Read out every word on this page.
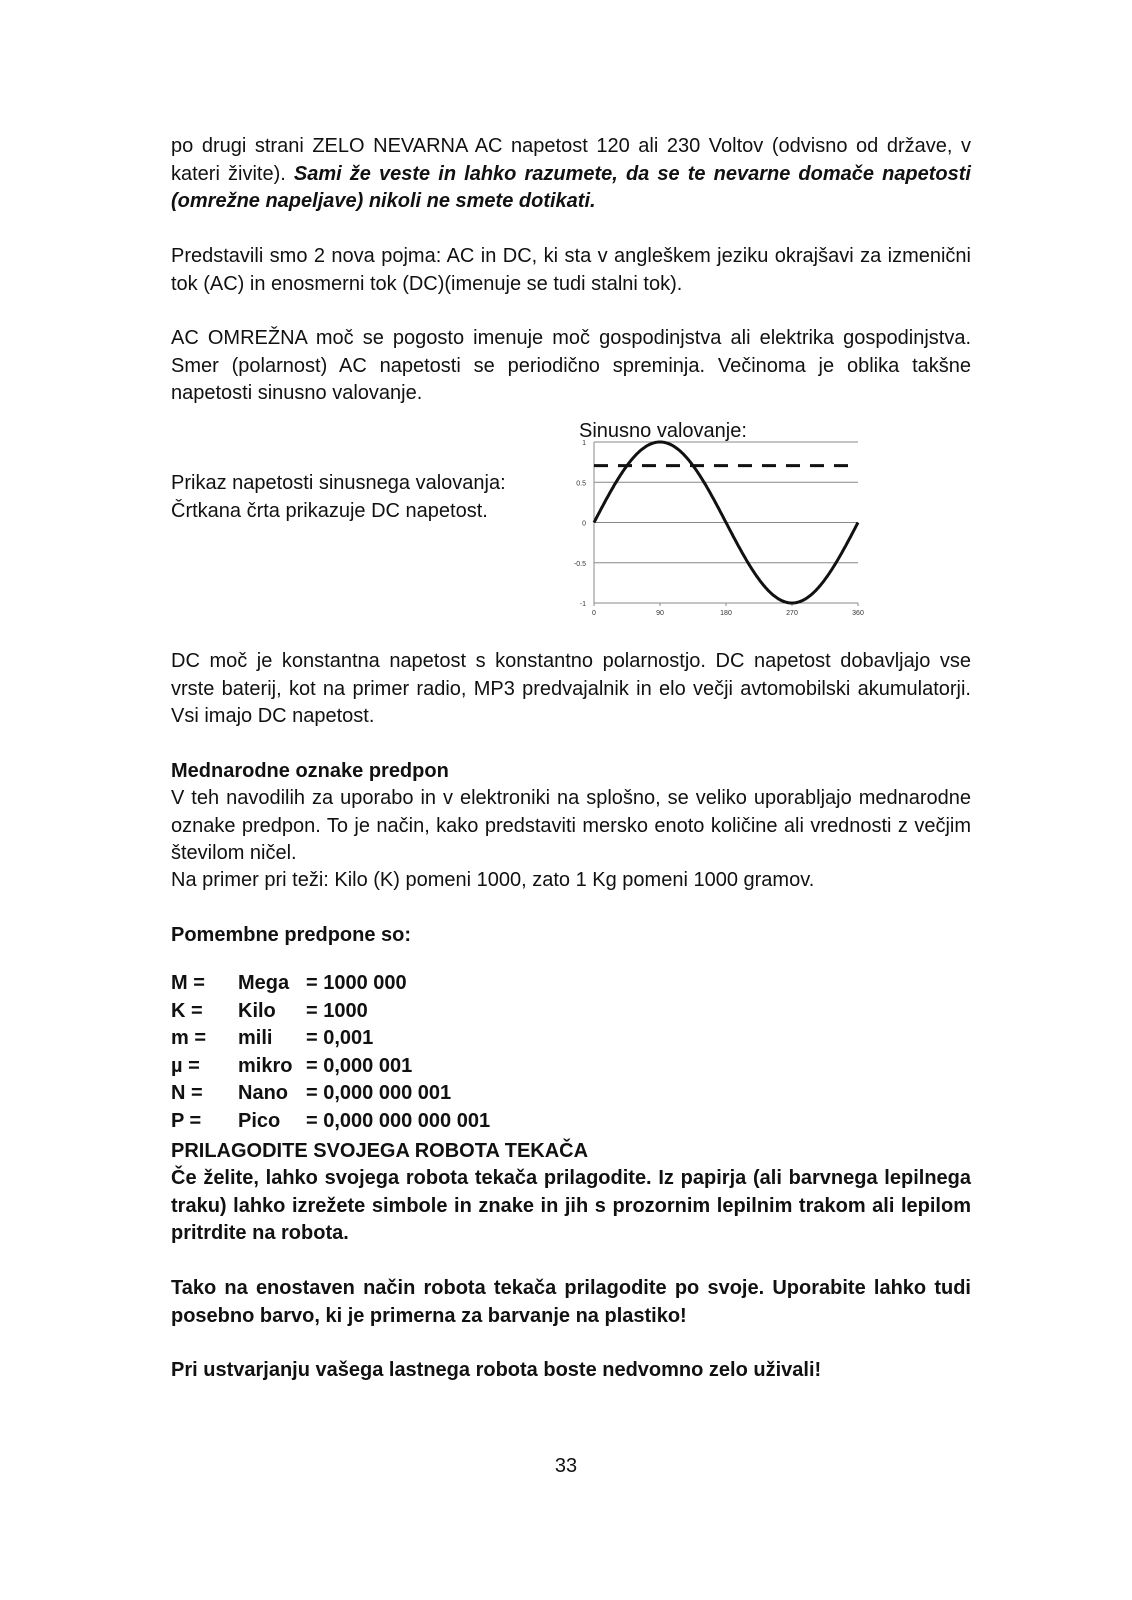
po drugi strani ZELO NEVARNA AC napetost 120 ali 230 Voltov (odvisno od države, v kateri živite). Sami že veste in lahko razumete, da se te nevarne domače napetosti (omrežne napeljave) nikoli ne smete dotikati.

Predstavili smo 2 nova pojma: AC in DC, ki sta v angleškem jeziku okrajšavi za izmenični tok (AC) in enosmerni tok (DC)(imenuje se tudi stalni tok).

AC OMREŽNA moč se pogosto imenuje moč gospodinjstva ali elektrika gospodinjstva. Smer (polarnost) AC napetosti se periodično spreminja. Večinoma je oblika takšne napetosti sinusno valovanje.

Sinusno valovanje:
Prikaz napetosti sinusnega valovanja:
Črtkana črta prikazuje DC napetost.
1
0.5
0
-0.5
-1
0	90	180	270	360

DC moč je konstantna napetost s konstantno polarnostjo. DC napetost dobavljajo vse vrste baterij, kot na primer radio, MP3 predvajalnik in elo večji avtomobilski akumulatorji. Vsi imajo DC napetost.

Mednarodne oznake predpon

V teh navodilih za uporabo in v elektroniki na splošno, se veliko uporabljajo mednarodne oznake predpon. To je način, kako predstaviti mersko enoto količine ali vrednosti z večjim številom ničel.

Na primer pri teži: Kilo (K) pomeni 1000, zato 1 Kg pomeni 1000 gramov.

Pomembne predpone so:

M =	Mega	= 1000 000
K =	Kilo	= 1000
m =	mili	= 0,001
µ =	mikro	= 0,000 001
N =	Nano	= 0,000 000 001
P =	Pico	= 0,000 000 000 001

PRILAGODITE SVOJEGA ROBOTA TEKAČA

Če želite, lahko svojega robota tekača prilagodite. Iz papirja (ali barvnega lepilnega traku) lahko izrežete simbole in znake in jih s prozornim lepilnim trakom ali lepilom pritrdite na robota.

Tako na enostaven način robota tekača prilagodite po svoje. Uporabite lahko tudi posebno barvo, ki je primerna za barvanje na plastiko!

Pri ustvarjanju vašega lastnega robota boste nedvomno zelo uživali!

33
